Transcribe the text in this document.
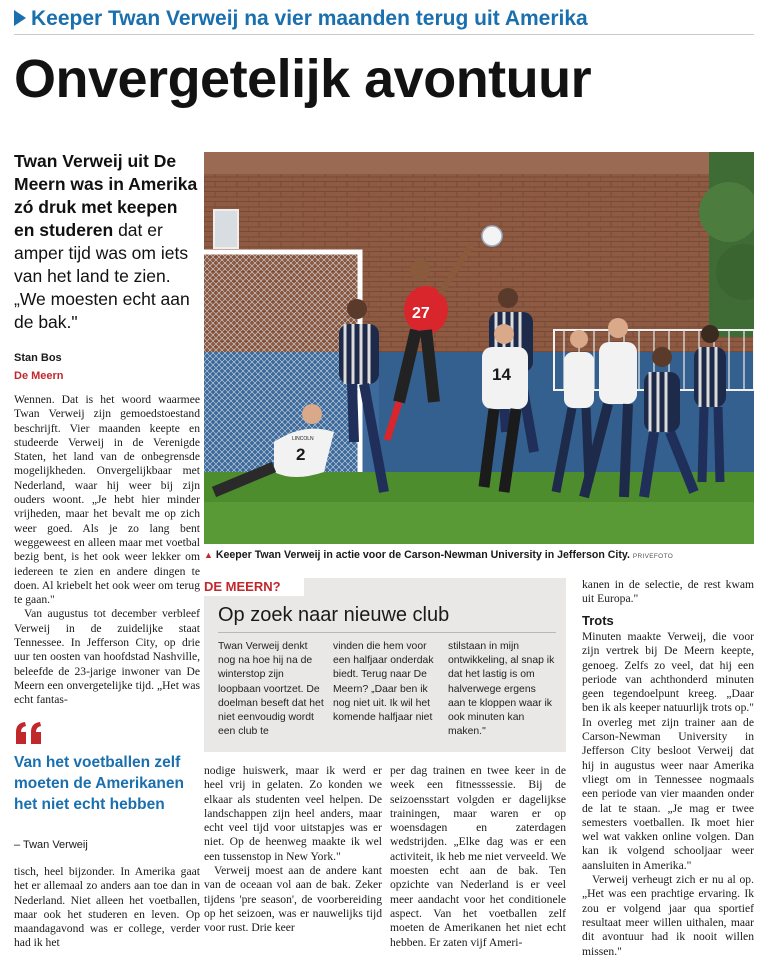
Keeper Twan Verweij na vier maanden terug uit Amerika
Onvergetelijk avontuur
Twan Verweij uit De Meern was in Amerika zó druk met keepen en studeren dat er amper tijd was om iets van het land te zien. „We moesten echt aan de bak."
Stan Bos
De Meern

Wennen. Dat is het woord waarmee Twan Verweij zijn gemoedstoestand beschrijft. Vier maanden keepte en studeerde Verweij in de Verenigde Staten, het land van de onbegrensde mogelijkheden. Onvergelijkbaar met Nederland, waar hij weer bij zijn ouders woont. „Je hebt hier minder vrijheden, maar het bevalt me op zich weer goed. Als je zo lang bent weggeweest en alleen maar met voetbal bezig bent, is het ook weer lekker om iedereen te zien en andere dingen te doen. Al kriebelt het ook weer om terug te gaan."

Van augustus tot december verbleef Verweij in de zuidelijke staat Tennessee. In Jefferson City, op drie uur ten oosten van hoofdstad Nashville, beleefde de 23-jarige inwoner van De Meern een onvergetelijke tijd. „Het was echt fantas-

Van het voetballen zelf moeten de Amerikanen het niet echt hebben
– Twan Verweij

tisch, heel bijzonder. In Amerika gaat het er allemaal zo anders aan toe dan in Nederland. Niet alleen het voetballen, maar ook het studeren en leven. Op maandagavond was er college, verder had ik het

27
2
LINCOLN
14
▲ Keeper Twan Verweij in actie voor de Carson-Newman University in Jefferson City. PRIVEFOTO
DE MEERN?
Op zoek naar nieuwe club
Twan Verweij denkt nog na hoe hij na de winterstop zijn loopbaan voortzet. De doelman beseft dat het niet eenvoudig wordt een club te
vinden die hem voor een halfjaar onderdak biedt. Terug naar De Meern? „Daar ben ik nog niet uit. Ik wil het komende halfjaar niet
stilstaan in mijn ontwikkeling, al snap ik dat het lastig is om halverwege ergens aan te kloppen waar ik ook minuten kan maken."

nodige huiswerk, maar ik werd er heel vrij in gelaten. Zo konden we elkaar als studenten veel helpen. De landschappen zijn heel anders, maar echt veel tijd voor uitstapjes was er niet. Op de heenweg maakte ik wel een tussenstop in New York."

Verweij moest aan de andere kant van de oceaan vol aan de bak. Zeker tijdens 'pre season', de voorbereiding op het seizoen, was er nauwelijks tijd voor rust. Drie keer

per dag trainen en twee keer in de week een fitnesssessie. Bij de seizoensstart volgden er dagelijkse trainingen, maar waren er op woensdagen en zaterdagen wedstrijden. „Elke dag was er een activiteit, ik heb me niet verveeld. We moesten echt aan de bak. Ten opzichte van Nederland is er veel meer aandacht voor het conditionele aspect. Van het voetballen zelf moeten de Amerikanen het niet echt hebben. Er zaten vijf Ameri-

kanen in de selectie, de rest kwam uit Europa."

Trots

Minuten maakte Verweij, die voor zijn vertrek bij De Meern keepte, genoeg. Zelfs zo veel, dat hij een periode van achthonderd minuten geen tegendoelpunt kreeg. „Daar ben ik als keeper natuurlijk trots op." In overleg met zijn trainer aan de Carson-Newman University in Jefferson City besloot Verweij dat hij in augustus weer naar Amerika vliegt om in Tennessee nogmaals een periode van vier maanden onder de lat te staan. „Je mag er twee semesters voetballen. Ik moet hier wel wat vakken online volgen. Dan kan ik volgend schooljaar weer aansluiten in Amerika."

Verweij verheugt zich er nu al op. „Het was een prachtige ervaring. Ik zou er volgend jaar qua sportief resultaat meer willen uithalen, maar dit avontuur had ik nooit willen missen."
